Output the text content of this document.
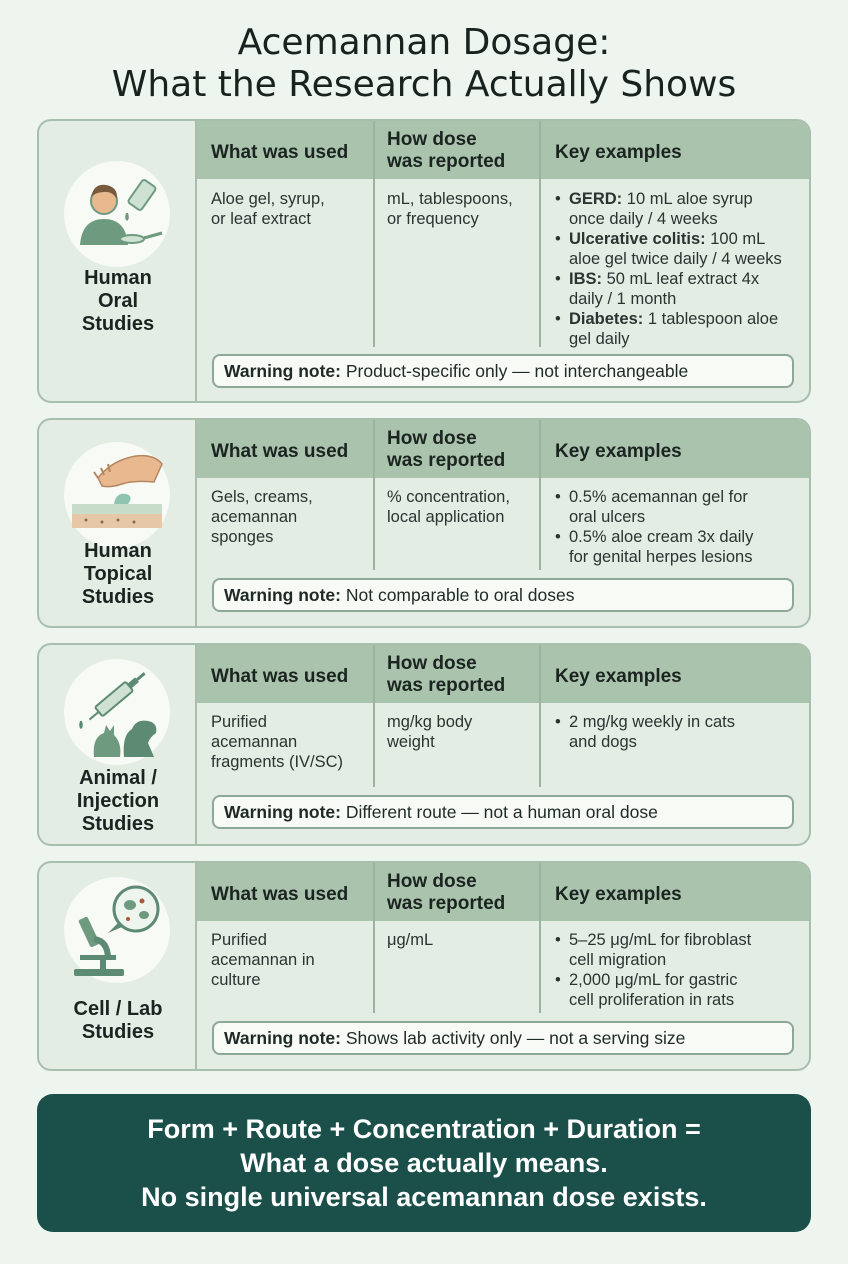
Acemannan Dosage:
What the Research Actually Shows
Human
Oral
Studies
What was used
How dose
was reported	Key examples
Aloe gel, syrup,
or leaf extract
mL, tablespoons,
or frequency
• GERD: 10 mL aloe syrup
once daily / 4 weeks
• Ulcerative colitis: 100 mL
aloe gel twice daily / 4 weeks
• IBS: 50 mL leaf extract 4x
daily / 1 month
• Diabetes: 1 tablespoon aloe
gel daily
Warning note: Product-specific only — not interchangeable
Human
Topical
Studies
What was used
How dose
was reported	Key examples
Gels, creams,
acemannan
sponges
% concentration,
local application
• 0.5% acemannan gel for
oral ulcers
• 0.5% aloe cream 3x daily
for genital herpes lesions
Warning note: Not comparable to oral doses
Animal /
Injection
Studies
What was used
How dose
was reported	Key examples
Purified
acemannan
fragments (IV/SC)
mg/kg body
weight
• 2 mg/kg weekly in cats
and dogs
Warning note: Different route — not a human oral dose
Cell / Lab
Studies
What was used
How dose
was reported	Key examples
Purified
acemannan in
culture
μg/mL
•	5–25 μg/mL for fibroblast
cell migration
• 2,000 μg/mL for gastric
cell proliferation in rats
Warning note: Shows lab activity only — not a serving size
Form + Route + Concentration + Duration =
What a dose actually means.
No single universal acemannan dose exists.
